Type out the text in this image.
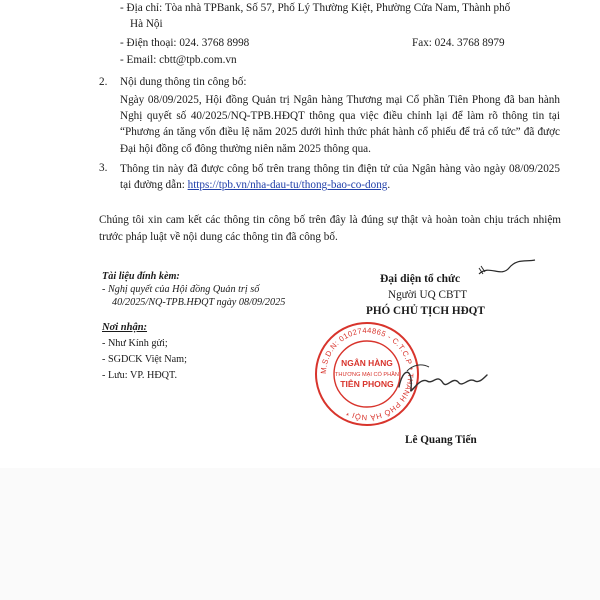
- Địa chỉ: Tòa nhà TPBank, Số 57, Phố Lý Thường Kiệt, Phường Cửa Nam, Thành phố
Hà Nội
- Điện thoại: 024. 3768 8998	Fax: 024. 3768 8979
- Email: cbtt@tpb.com.vn
2. Nội dung thông tin công bố:
Ngày 08/09/2025, Hội đồng Quản trị Ngân hàng Thương mại Cổ phần Tiên Phong đã ban hành Nghị quyết số 40/2025/NQ-TPB.HĐQT thông qua việc điều chỉnh lại để làm rõ thông tin tại “Phương án tăng vốn điều lệ năm 2025 dưới hình thức phát hành cổ phiếu để trả cổ tức” đã được Đại hội đồng cổ đông thường niên năm 2025 thông qua.
3. Thông tin này đã được công bố trên trang thông tin điện tử của Ngân hàng vào ngày 08/09/2025 tại đường dẫn: https://tpb.vn/nha-dau-tu/thong-bao-co-dong.
Chúng tôi xin cam kết các thông tin công bố trên đây là đúng sự thật và hoàn toàn chịu trách nhiệm trước pháp luật về nội dung các thông tin đã công bố.
Tài liệu đính kèm:
- Nghị quyết của Hội đồng Quản trị số
40/2025/NQ-TPB.HĐQT ngày 08/09/2025
Nơi nhận:
- Như Kính gửi;
- SGDCK Việt Nam;
- Lưu: VP. HĐQT.
Đại diện tổ chức
Người UQ CBTT
PHÓ CHỦ TỊCH HĐQT
M.S.D.N: 0102744865 - C.T.C.P * THÀNH PHỐ HÀ NỘI *
NGÂN HÀNG
THƯƠNG MẠI CỔ PHẦN
TIÊN PHONG
Lê Quang Tiến
